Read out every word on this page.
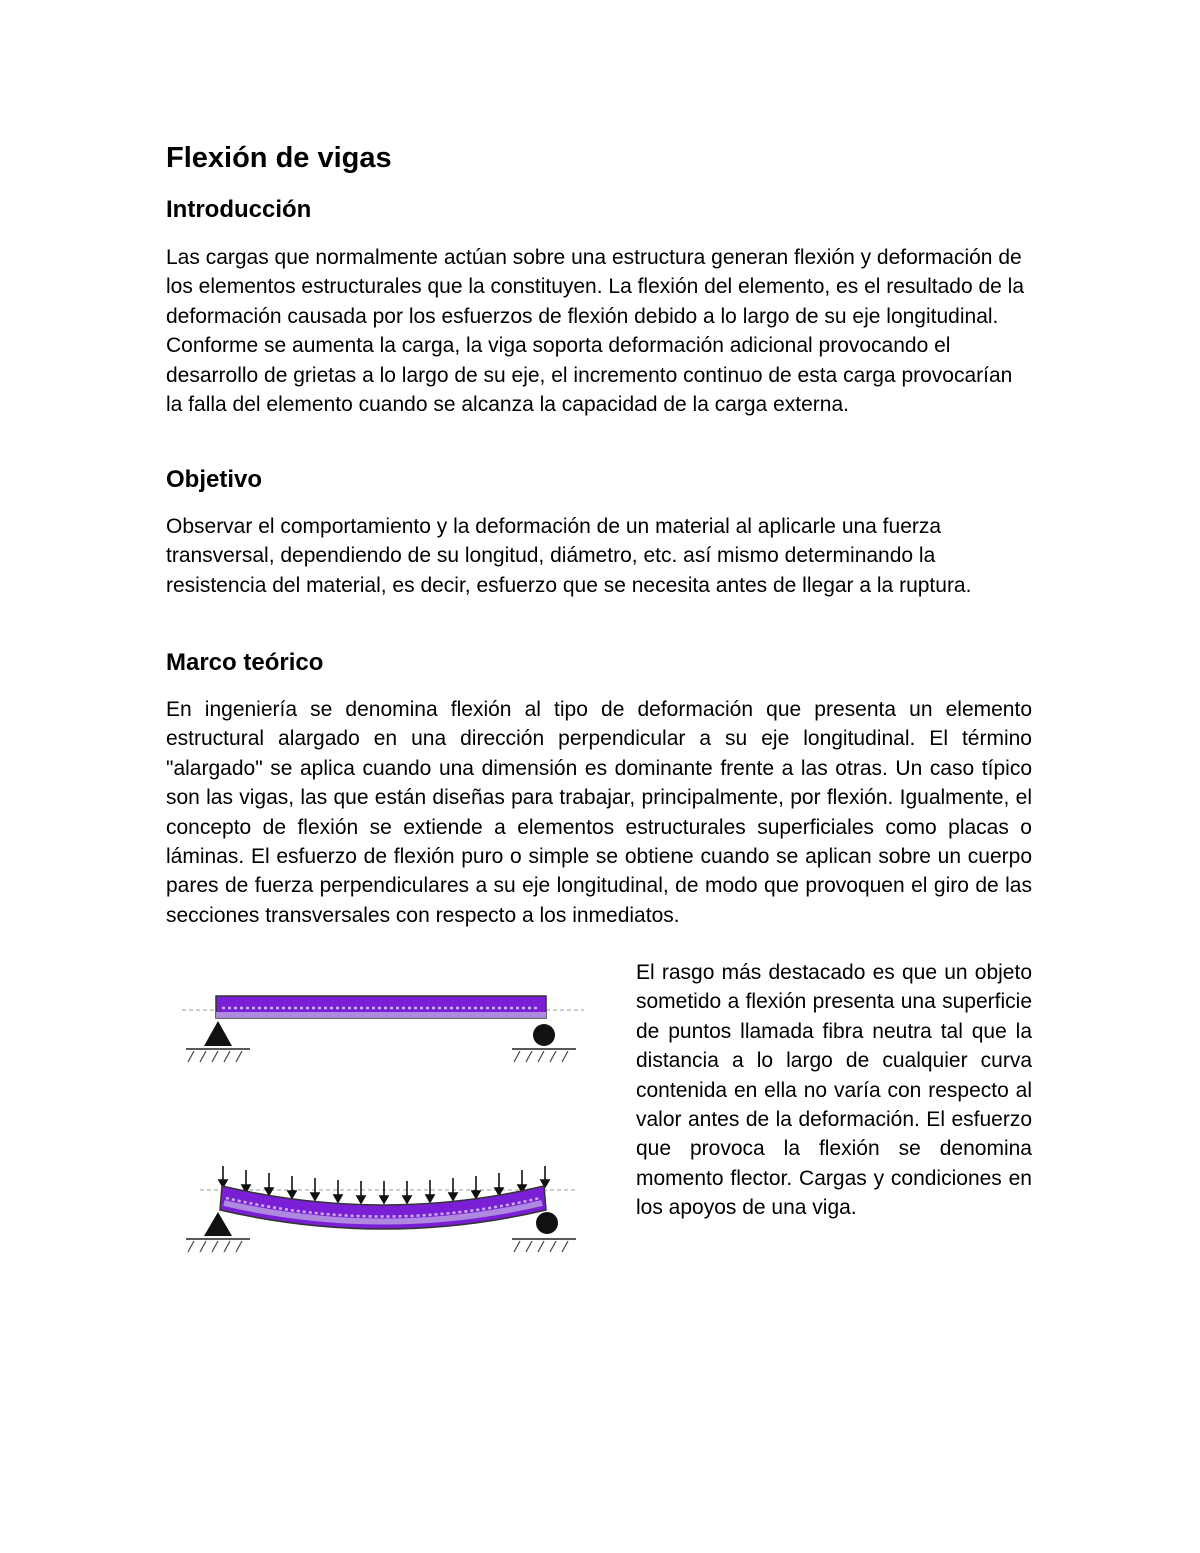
Flexión de vigas
Introducción

Las cargas que normalmente actúan sobre una estructura generan flexión y deformación de los elementos estructurales que la constituyen. La flexión del elemento, es el resultado de la deformación causada por los esfuerzos de flexión debido a lo largo de su eje longitudinal. Conforme se aumenta la carga, la viga soporta deformación adicional provocando el desarrollo de grietas a lo largo de su eje, el incremento continuo de esta carga provocarían la falla del elemento cuando se alcanza la capacidad de la carga externa.

Objetivo

Observar el comportamiento y la deformación de un material al aplicarle una fuerza transversal, dependiendo de su longitud, diámetro, etc. así mismo determinando la resistencia del material, es decir, esfuerzo que se necesita antes de llegar a la ruptura.

Marco teórico

En ingeniería se denomina flexión al tipo de deformación que presenta un elemento estructural alargado en una dirección perpendicular a su eje longitudinal. El término "alargado" se aplica cuando una dimensión es dominante frente a las otras. Un caso típico son las vigas, las que están diseñas para trabajar, principalmente, por flexión. Igualmente, el concepto de flexión se extiende a elementos estructurales superficiales como placas o láminas. El esfuerzo de flexión puro o simple se obtiene cuando se aplican sobre un cuerpo pares de fuerza perpendiculares a su eje longitudinal, de modo que provoquen el giro de las secciones transversales con respecto a los inmediatos.

El rasgo más destacado es que un objeto sometido a flexión presenta una superficie de puntos llamada fibra neutra tal que la distancia a lo largo de cualquier curva contenida en ella no varía con respecto al valor antes de la deformación. El esfuerzo que provoca la flexión se denomina momento flector. Cargas y condiciones en los apoyos de una viga.
